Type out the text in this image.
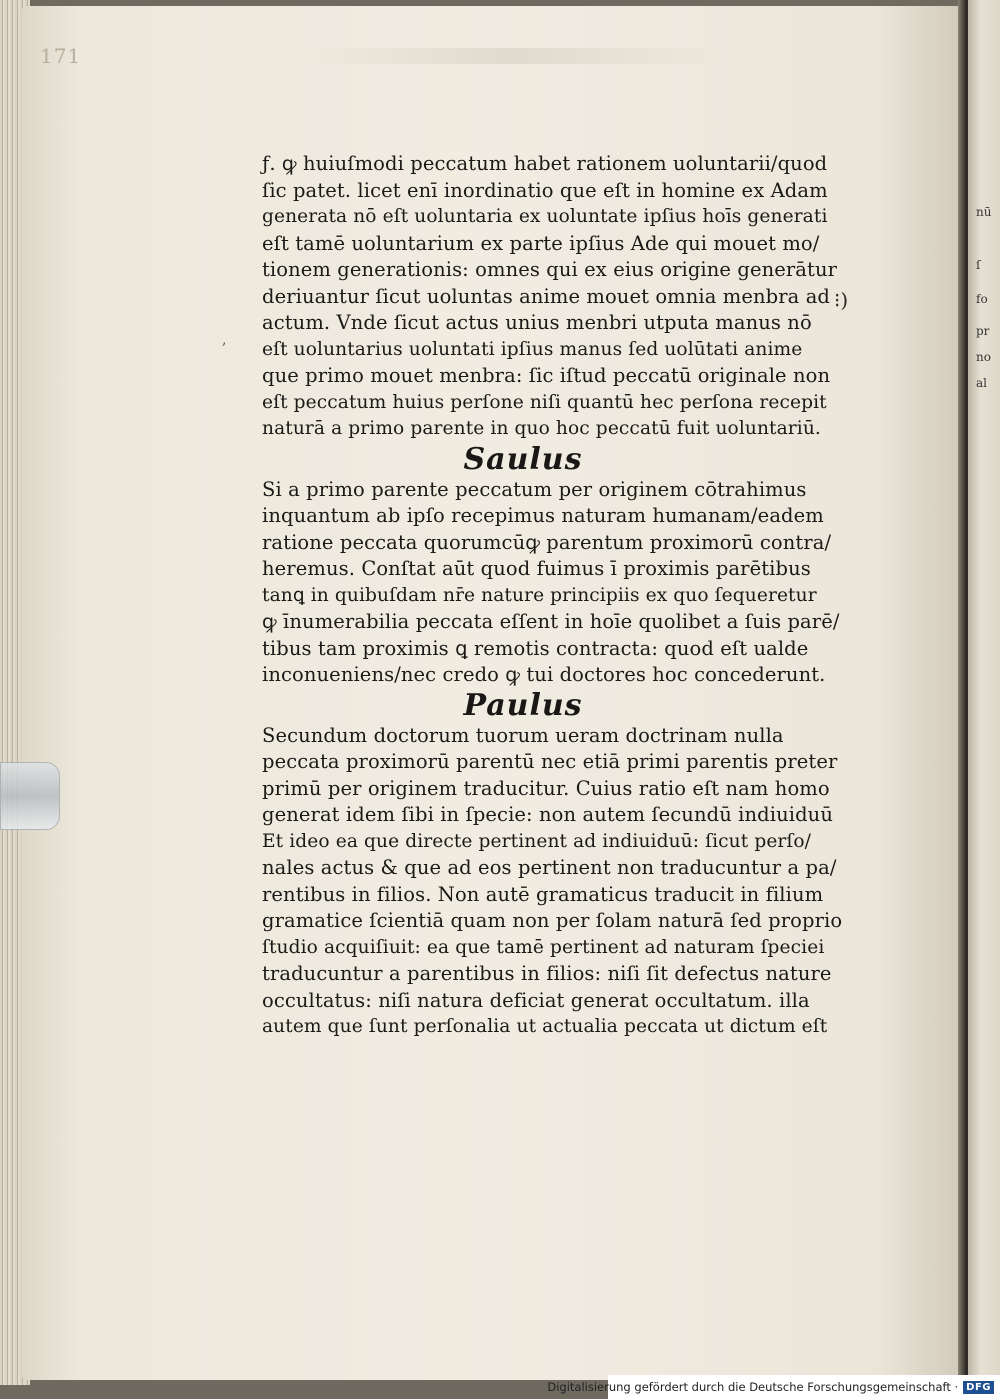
nū
ſ
fo
pr
no
al
171
⁝)
,
ƒ. ꝙ huiuſmodi peccatum habet rationem uoluntarii/quod
ſic patet. licet enī inordinatio que eſt in homine ex Adam
generata nō eſt uoluntaria ex uoluntate ipſius hoīs generati
eſt tamē uoluntarium ex parte ipſius Ade qui mouet mo/
tionem generationis: omnes qui ex eius origine generātur
deriuantur ſicut uoluntas anime mouet omnia menbra ad
actum. Vnde ſicut actus unius menbri utputa manus nō
eſt uoluntarius uoluntati ipſius manus ſed uolūtati anime
que primo mouet menbra: ſic iſtud peccatū originale non
eſt peccatum huius perſone niſi quantū hec perſona recepit
naturā a primo parente in quo hoc peccatū fuit uoluntariū.
Saulus
Si a primo parente peccatum per originem cōtrahimus
inquantum ab ipſo recepimus naturam humanam/eadem
ratione peccata quorumcūꝙ parentum proximorū contra/
heremus. Conſtat aūt quod fuimus ī proximis parētibus
tanꝗ in quibuſdam nr̄e nature principiis ex quo ſequeretur
ꝙ īnumerabilia peccata eſſent in hoīe quolibet a ſuis parē/
tibus tam proximis ꝗ remotis contracta: quod eſt ualde
inconueniens/nec credo ꝙ tui doctores hoc concederunt.
Paulus
Secundum doctorum tuorum ueram doctrinam nulla
peccata proximorū parentū nec etiā primi parentis preter
primū per originem traducitur. Cuius ratio eſt nam homo
generat idem ſibi in ſpecie: non autem ſecundū indiuiduū
Et ideo ea que directe pertinent ad indiuiduū: ſicut perſo/
nales actus & que ad eos pertinent non traducuntur a pa/
rentibus in filios. Non autē gramaticus traducit in filium
gramatice ſcientiā quam non per ſolam naturā ſed proprio
ſtudio acquiſiuit: ea que tamē pertinent ad naturam ſpeciei
traducuntur a parentibus in filios: niſi ſit defectus nature
occultatus: niſi natura deficiat generat occultatum. illa
autem que ſunt perſonalia ut actualia peccata ut dictum eſt
Digitalisierung gefördert durch die Deutsche Forschungsgemeinschaft · DFG
